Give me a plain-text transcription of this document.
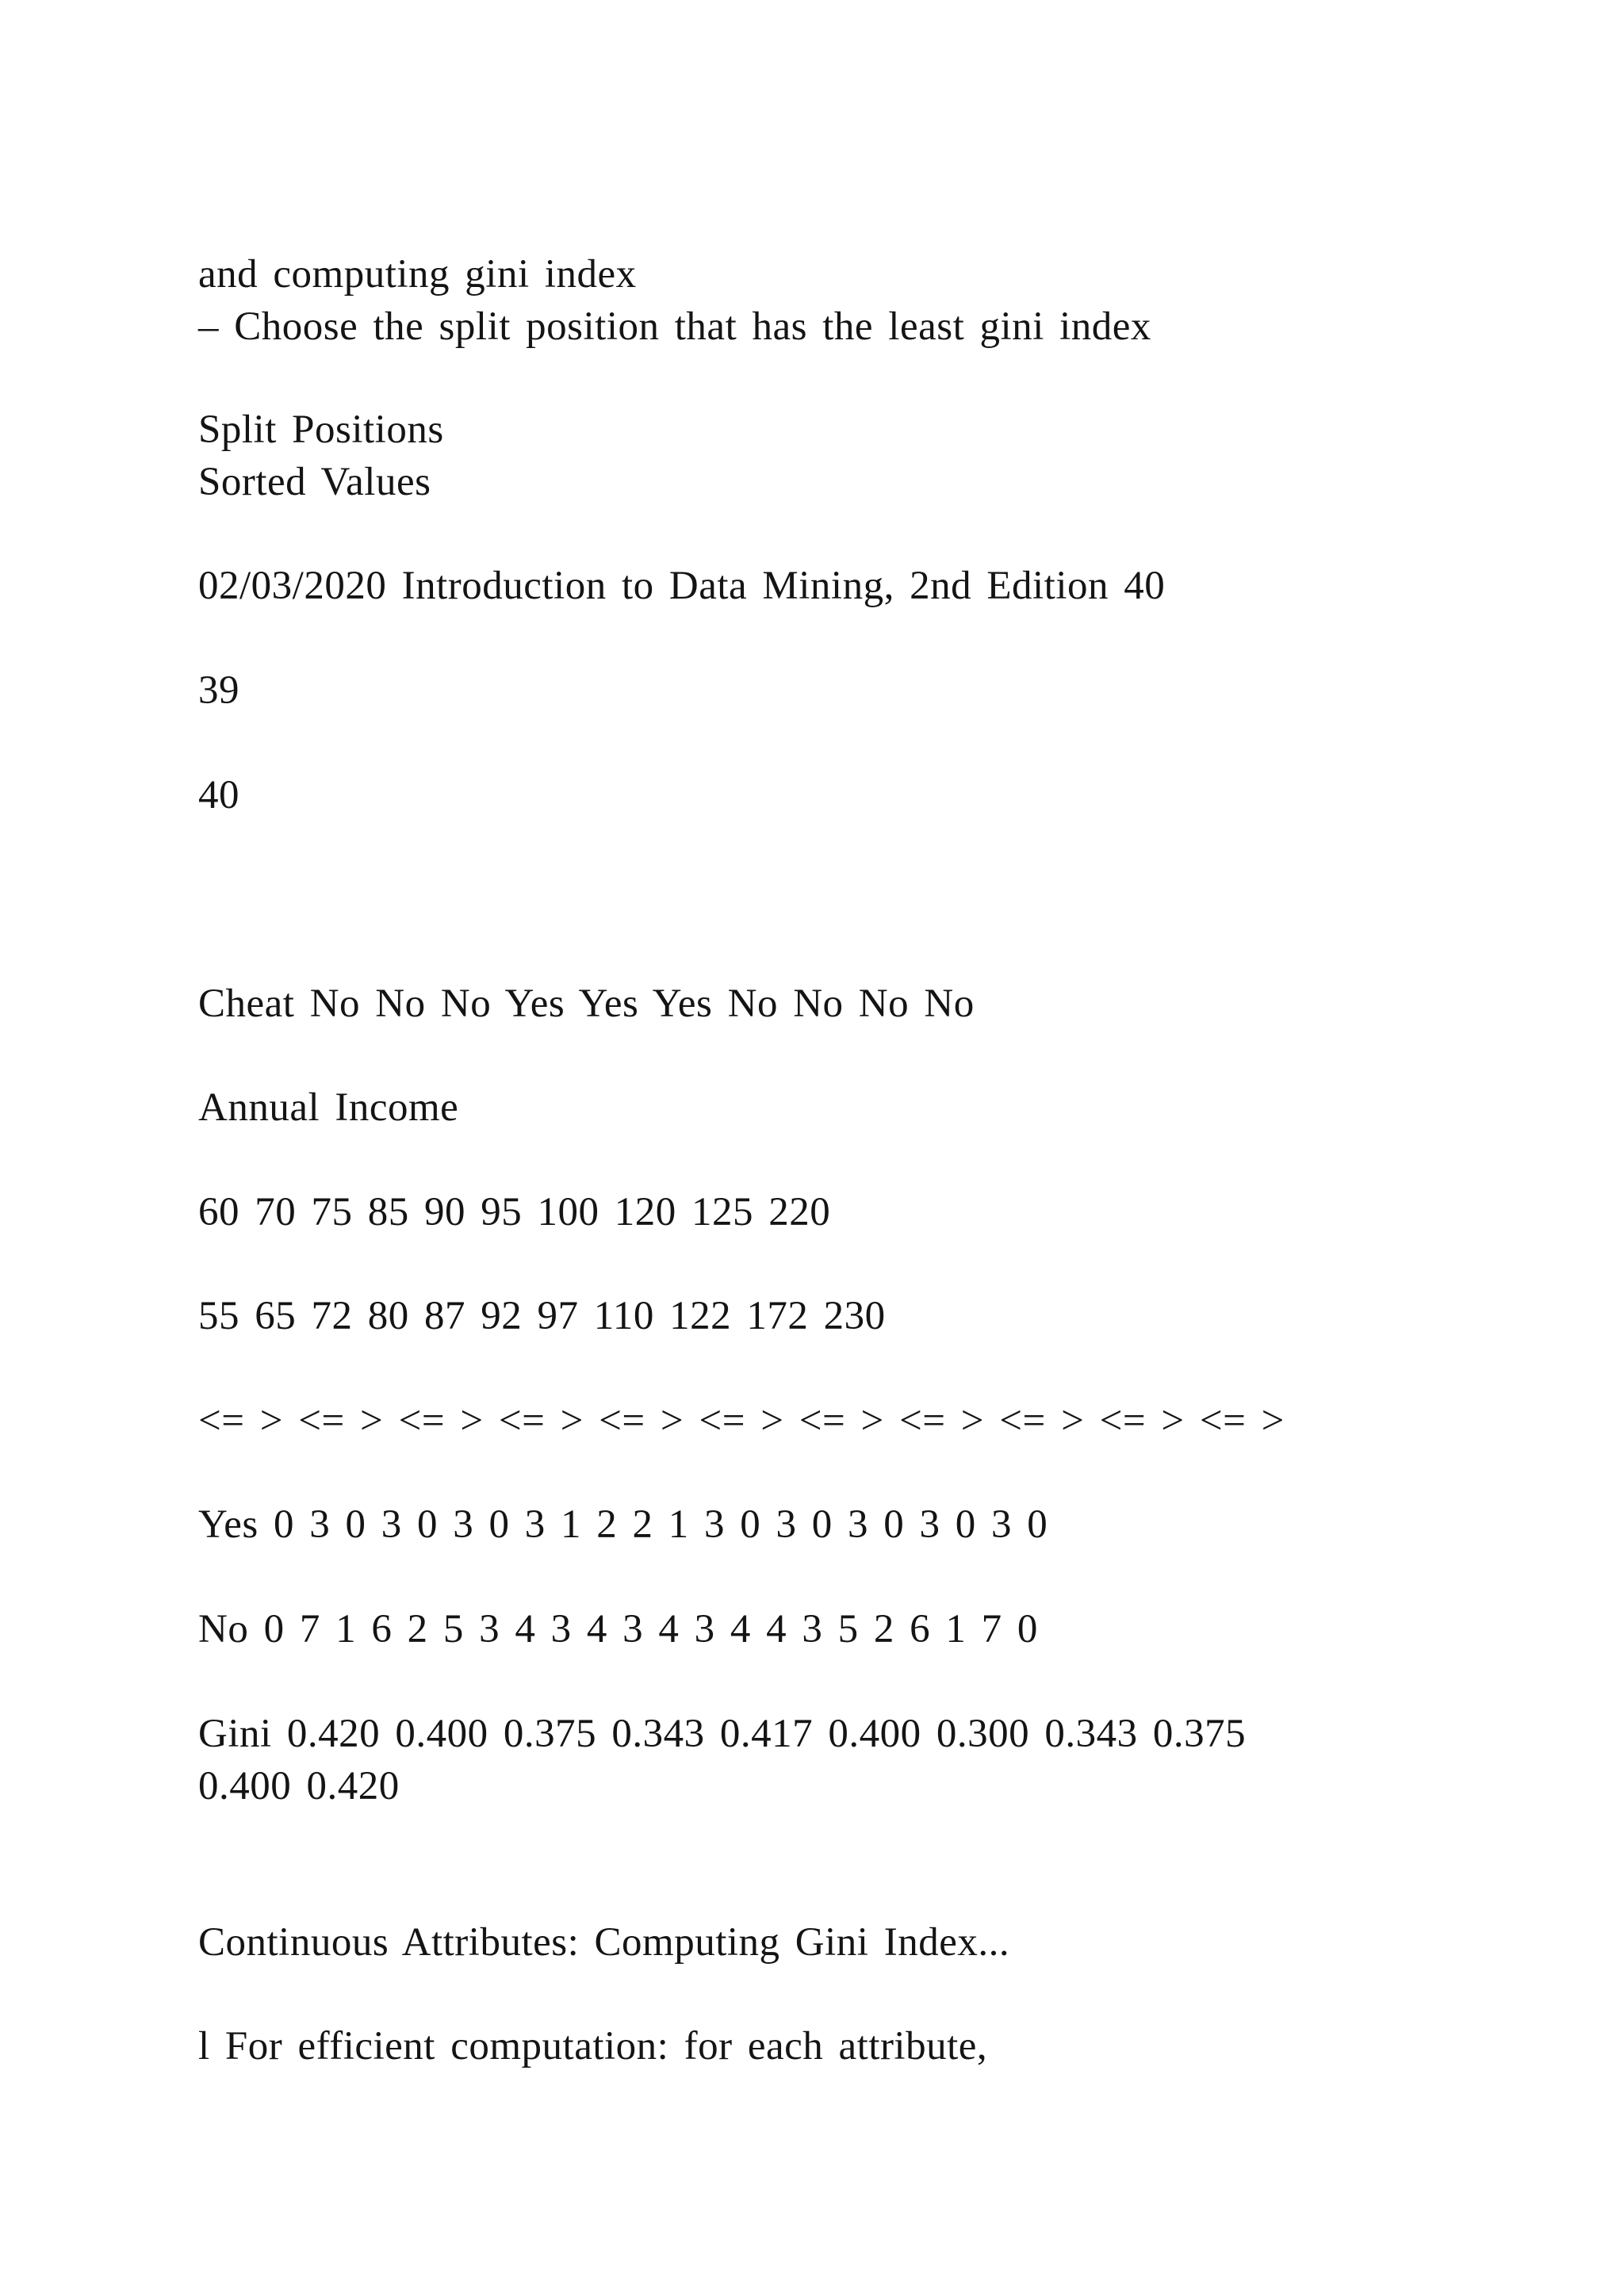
and computing gini index

– Choose the split position that has the least gini index

Split Positions

Sorted Values

02/03/2020 Introduction to Data Mining, 2nd Edition 40

39

40

Cheat No No No Yes Yes Yes No No No No

Annual Income

60 70 75 85 90 95 100 120 125 220

55 65 72 80 87 92 97 110 122 172 230

<= > <= > <= > <= > <= > <= > <= > <= > <= > <= > <= >

Yes 0 3 0 3 0 3 0 3 1 2 2 1 3 0 3 0 3 0 3 0 3 0

No 0 7 1 6 2 5 3 4 3 4 3 4 3 4 4 3 5 2 6 1 7 0

Gini 0.420 0.400 0.375 0.343 0.417 0.400 0.300 0.343 0.375

0.400 0.420

Continuous Attributes: Computing Gini Index...

l For efficient computation: for each attribute,
